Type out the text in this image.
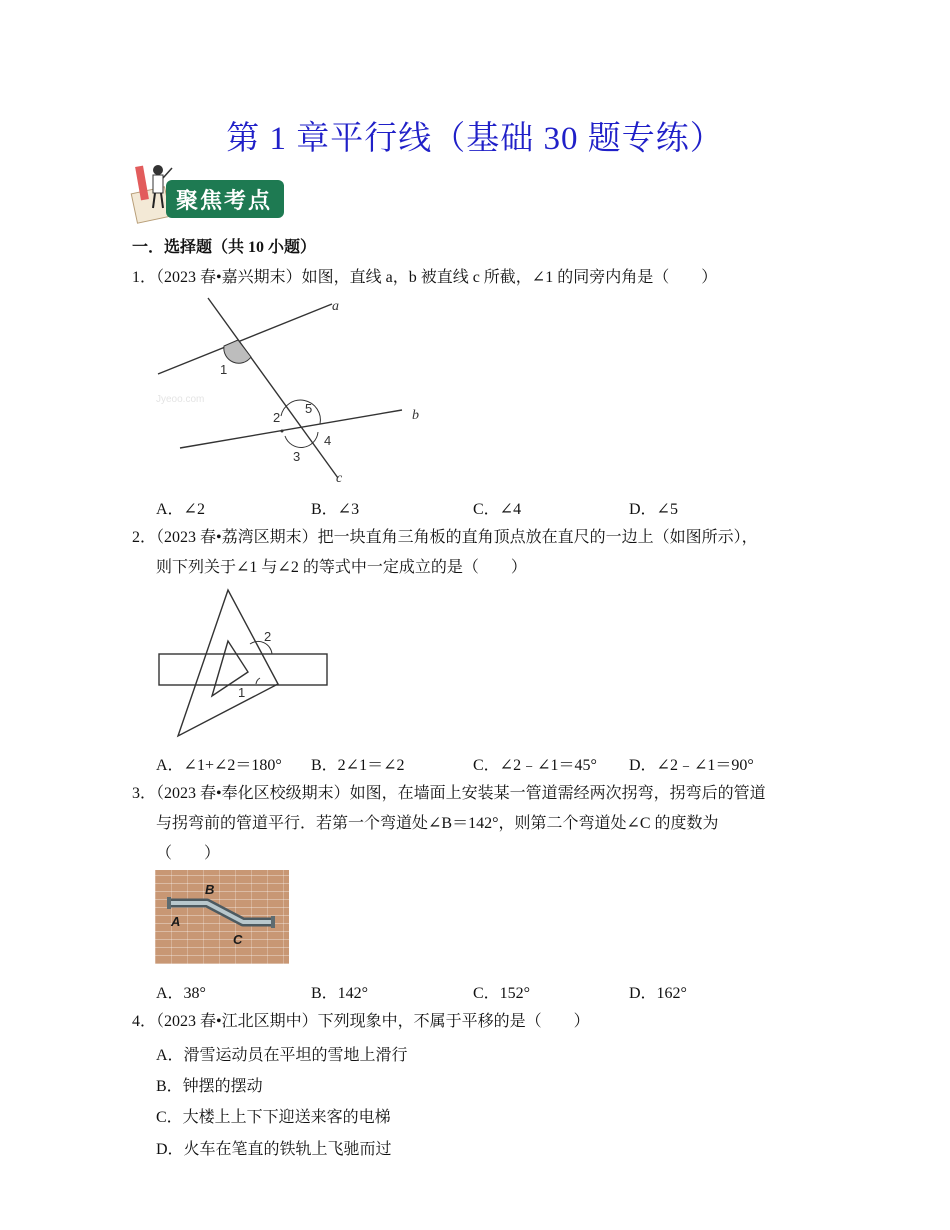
第 1 章平行线（基础 30 题专练）
聚焦考点
一．选择题（共 10 小题）
1．（2023 春•嘉兴期末）如图，直线 a，b 被直线 c 所截，∠1 的同旁内角是（　　）
1
2
3
4
5
a
b
c
Jyeoo.com
A．∠2	B．∠3	C．∠4	D．∠5
2．（2023 春•荔湾区期末）把一块直角三角板的直角顶点放在直尺的一边上（如图所示），
则下列关于∠1 与∠2 的等式中一定成立的是（　　）
2
1
A．∠1+∠2＝180° B．2∠1＝∠2	C．∠2﹣∠1＝45° D．∠2﹣∠1＝90°
3．（2023 春•奉化区校级期末）如图，在墙面上安装某一管道需经两次拐弯，拐弯后的管道
与拐弯前的管道平行．若第一个弯道处∠B＝142°，则第二个弯道处∠C 的度数为
（　　）
B
A
C
A．38°	B．142°	C．152°	D．162°
4．（2023 春•江北区期中）下列现象中，不属于平移的是（　　）
A．滑雪运动员在平坦的雪地上滑行
B．钟摆的摆动
C．大楼上上下下迎送来客的电梯
D．火车在笔直的铁轨上飞驰而过
